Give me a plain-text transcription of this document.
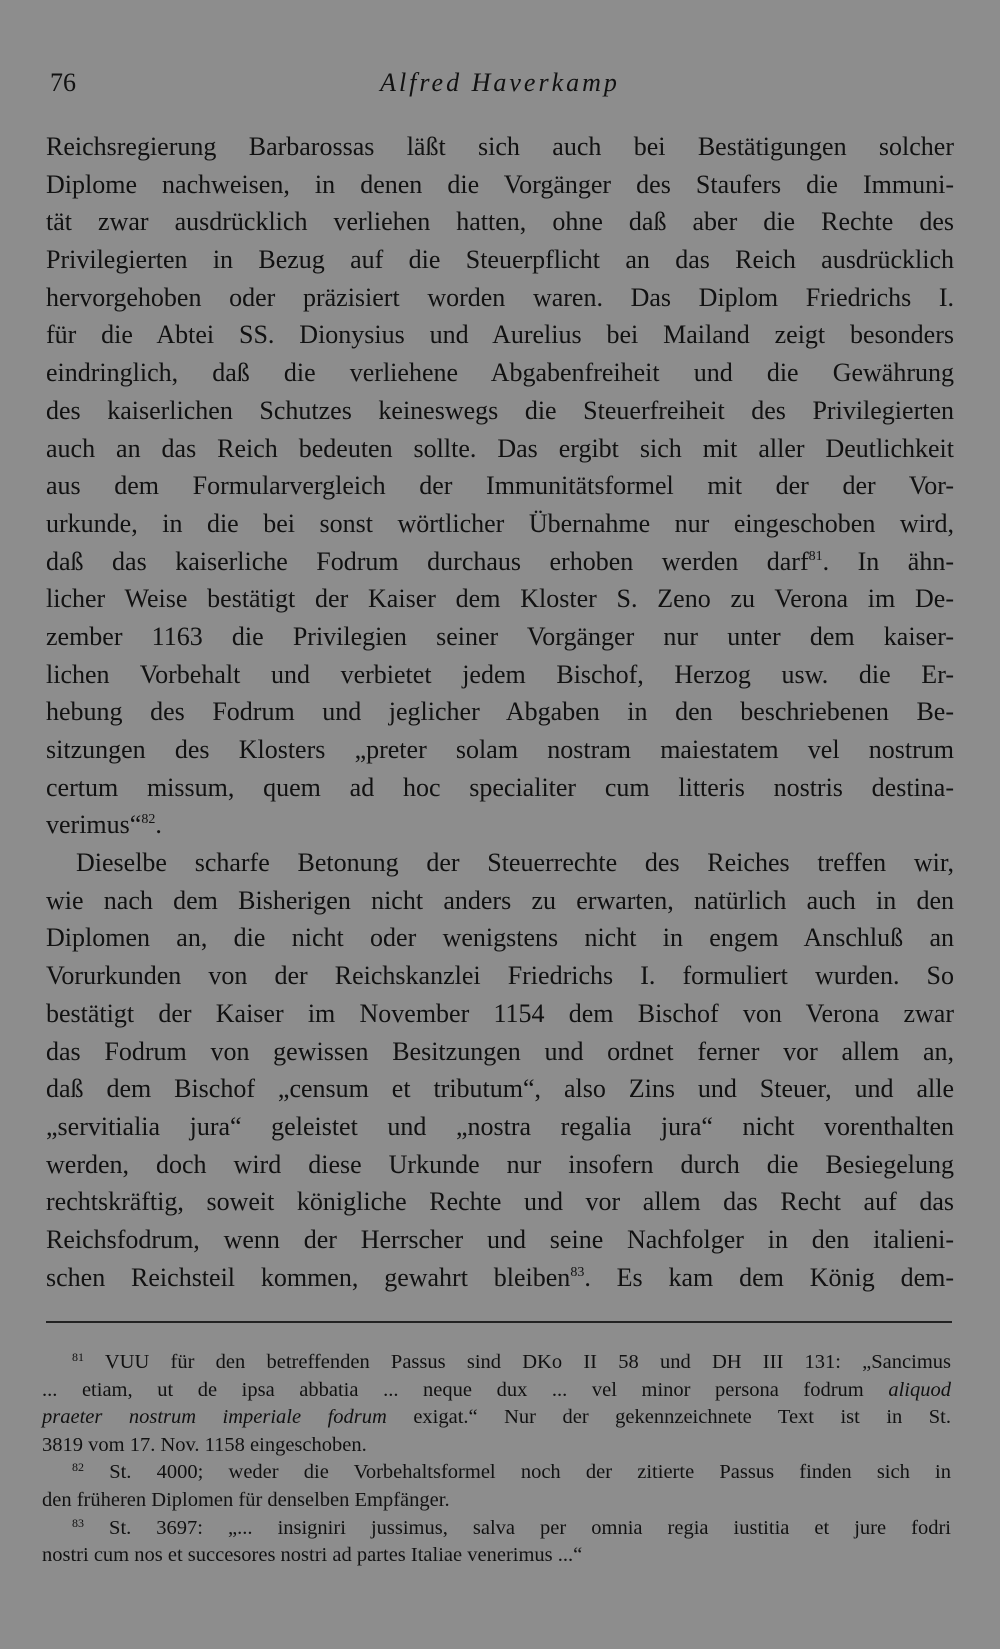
76	Alfred Haverkamp
Reichsregierung Barbarossas läßt sich auch bei Bestätigungen solcher
Diplome nachweisen, in denen die Vorgänger des Staufers die Immuni-
tät zwar ausdrücklich verliehen hatten, ohne daß aber die Rechte des
Privilegierten in Bezug auf die Steuerpflicht an das Reich ausdrücklich
hervorgehoben oder präzisiert worden waren. Das Diplom Friedrichs I.
für die Abtei SS. Dionysius und Aurelius bei Mailand zeigt besonders
eindringlich, daß die verliehene Abgabenfreiheit und die Gewährung
des kaiserlichen Schutzes keineswegs die Steuerfreiheit des Privilegierten
auch an das Reich bedeuten sollte. Das ergibt sich mit aller Deutlichkeit
aus dem Formularvergleich der Immunitätsformel mit der der Vor-
urkunde, in die bei sonst wörtlicher Übernahme nur eingeschoben wird,
daß das kaiserliche Fodrum durchaus erhoben werden darf$^{81}$. In ähn-
licher Weise bestätigt der Kaiser dem Kloster S. Zeno zu Verona im De-
zember 1163 die Privilegien seiner Vorgänger nur unter dem kaiser-
lichen Vorbehalt und verbietet jedem Bischof, Herzog usw. die Er-
hebung des Fodrum und jeglicher Abgaben in den beschriebenen Be-
sitzungen des Klosters „preter solam nostram maiestatem vel nostrum
certum missum, quem ad hoc specialiter cum litteris nostris destina-
verimus“$^{82}$.
Dieselbe scharfe Betonung der Steuerrechte des Reiches treffen wir,
wie nach dem Bisherigen nicht anders zu erwarten, natürlich auch in den
Diplomen an, die nicht oder wenigstens nicht in engem Anschluß an
Vorurkunden von der Reichskanzlei Friedrichs I. formuliert wurden. So
bestätigt der Kaiser im November 1154 dem Bischof von Verona zwar
das Fodrum von gewissen Besitzungen und ordnet ferner vor allem an,
daß dem Bischof „censum et tributum“, also Zins und Steuer, und alle
„servitialia jura“ geleistet und „nostra regalia jura“ nicht vorenthalten
werden, doch wird diese Urkunde nur insofern durch die Besiegelung
rechtskräftig, soweit königliche Rechte und vor allem das Recht auf das
Reichsfodrum, wenn der Herrscher und seine Nachfolger in den italieni-
schen Reichsteil kommen, gewahrt bleiben$^{83}$. Es kam dem König dem-
$^{81}$ VUU für den betreffenden Passus sind DKo II 58 und DH III 131: „Sancimus
... etiam, ut de ipsa abbatia ... neque dux ... vel minor persona fodrum aliquod
praeter nostrum imperiale fodrum exigat.“ Nur der gekennzeichnete Text ist in St.
3819 vom 17. Nov. 1158 eingeschoben.
$^{82}$ St. 4000; weder die Vorbehaltsformel noch der zitierte Passus finden sich in
den früheren Diplomen für denselben Empfänger.
$^{83}$ St. 3697: „... insigniri jussimus, salva per omnia regia iustitia et jure fodri
nostri cum nos et succesores nostri ad partes Italiae venerimus ...“
